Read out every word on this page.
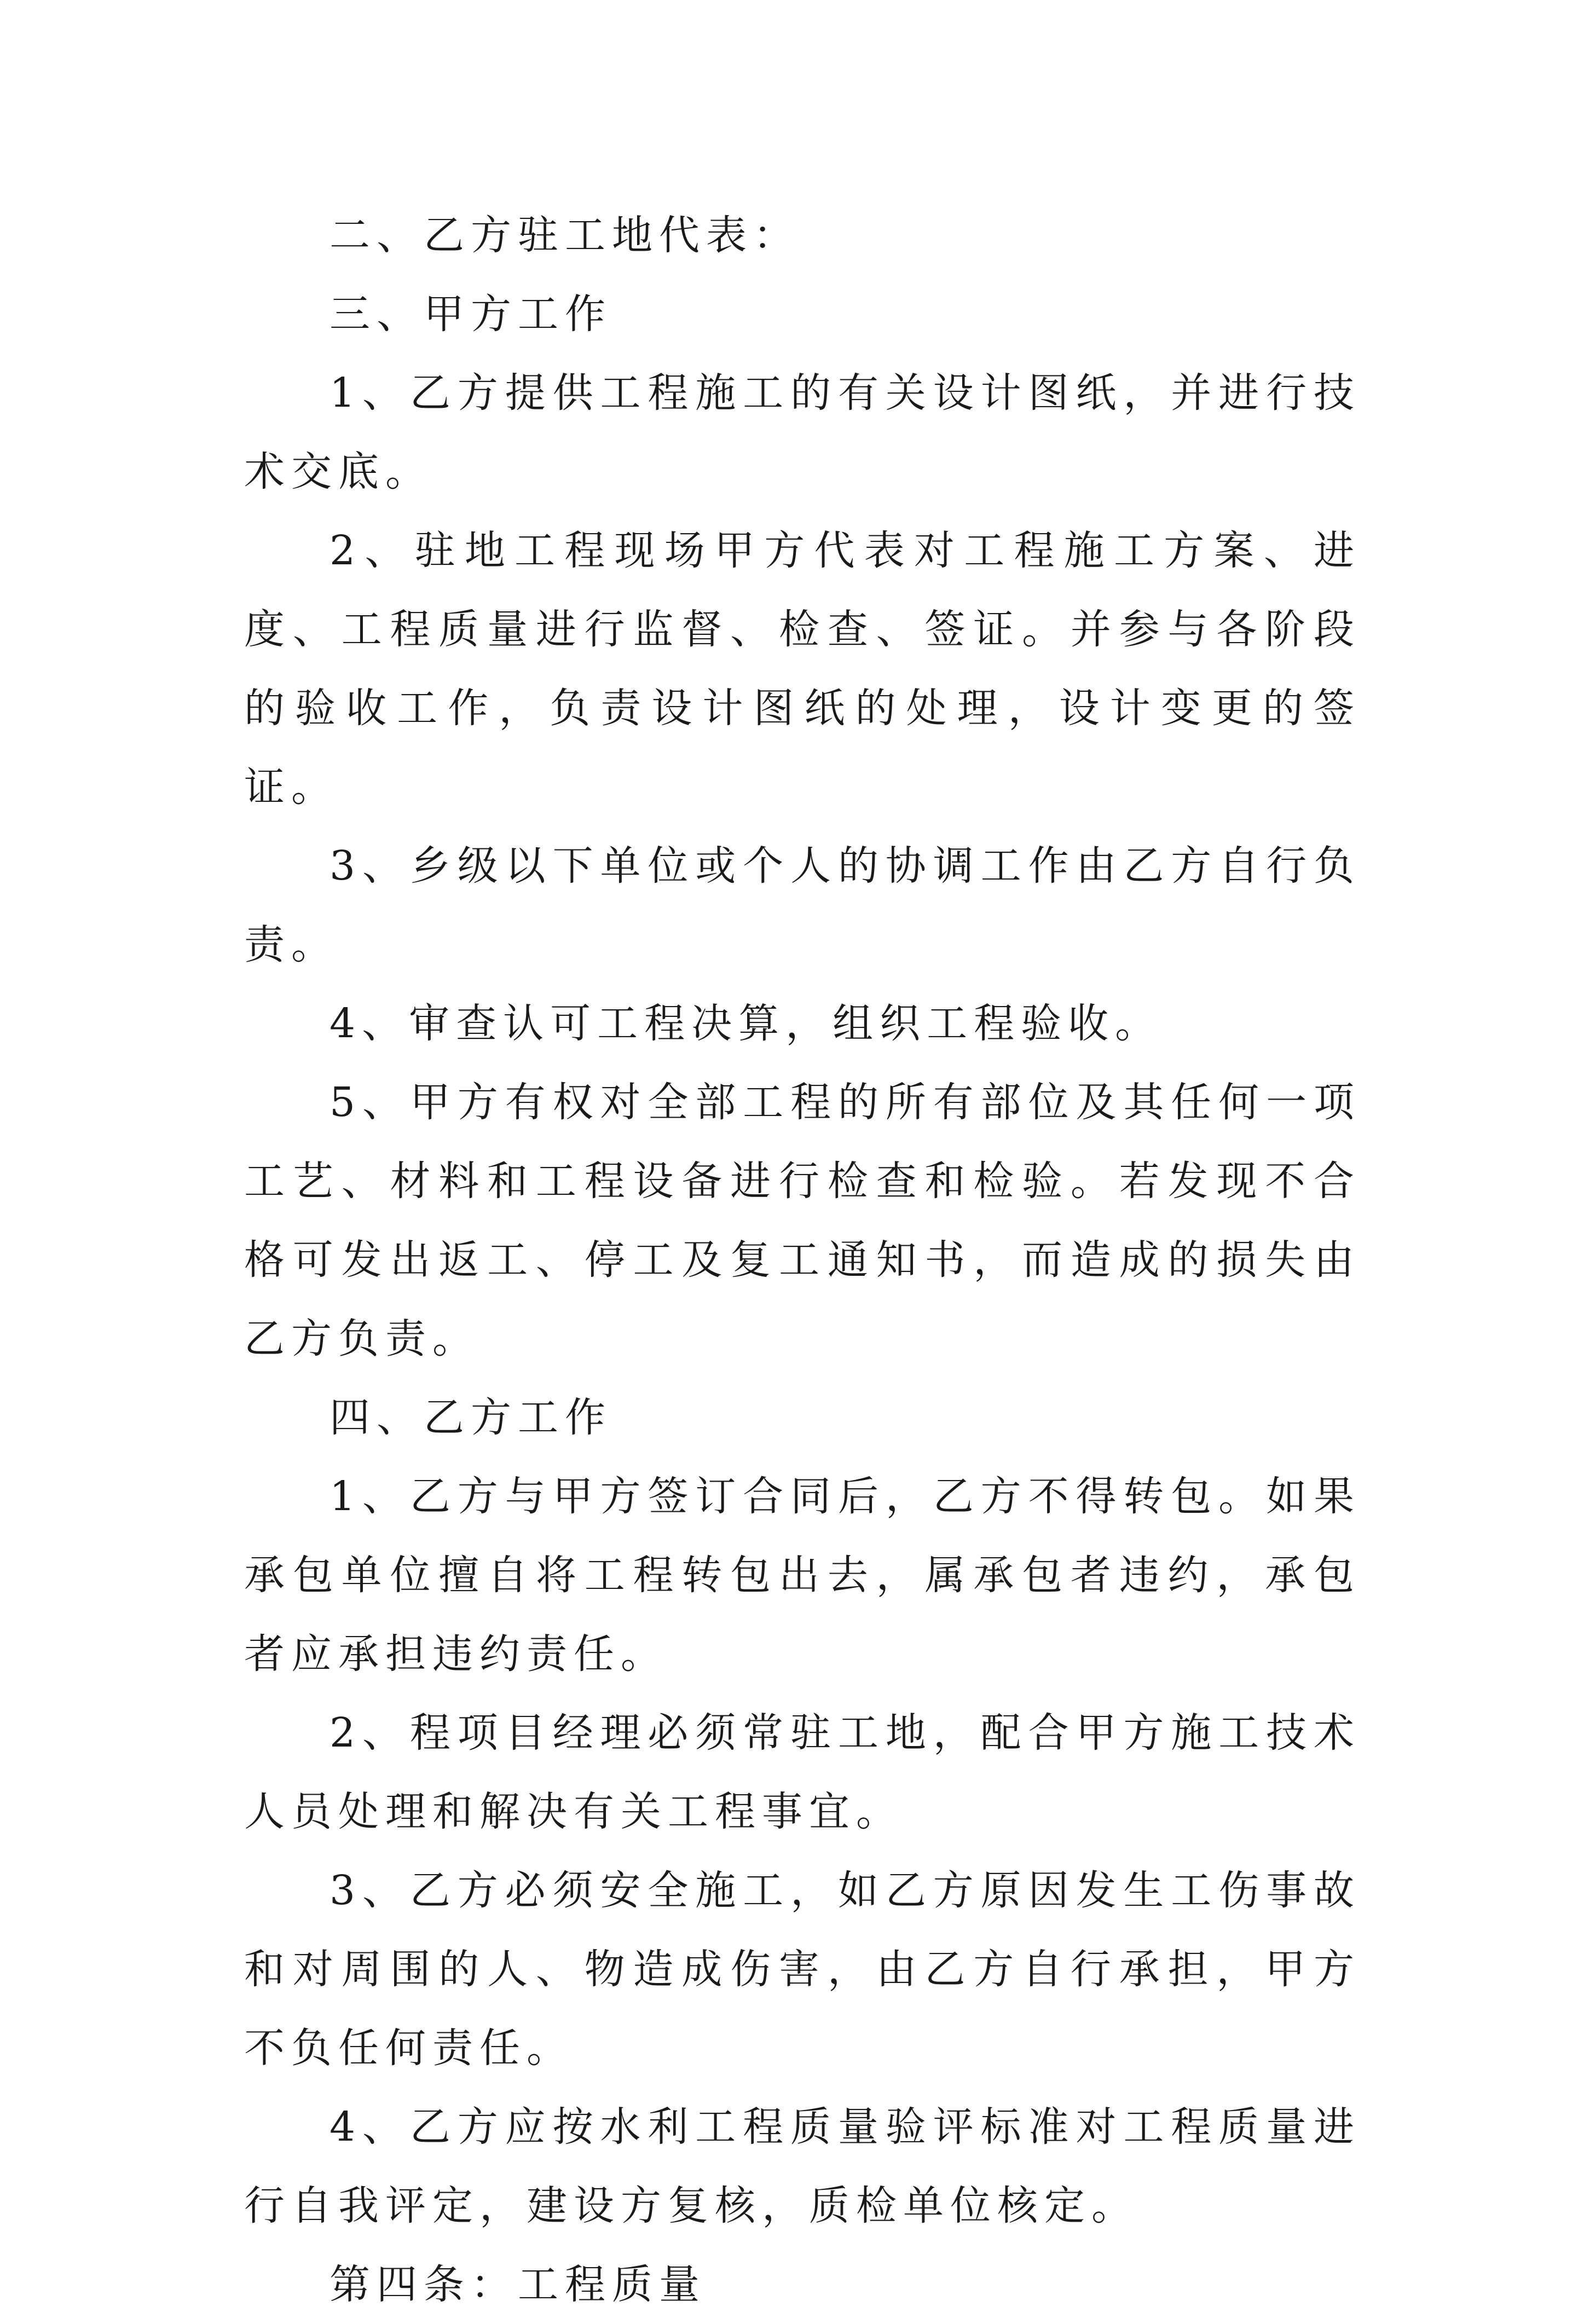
二、乙方驻工地代表：

三、甲方工作

1、乙方提供工程施工的有关设计图纸，并进行技术交底。

2、驻地工程现场甲方代表对工程施工方案、进度、工程质量进行监督、检查、签证。并参与各阶段的验收工作，负责设计图纸的处理，设计变更的签证。

3、乡级以下单位或个人的协调工作由乙方自行负责。

4、审查认可工程决算，组织工程验收。

5、甲方有权对全部工程的所有部位及其任何一项工艺、材料和工程设备进行检查和检验。若发现不合格可发出返工、停工及复工通知书，而造成的损失由乙方负责。

四、乙方工作

1、乙方与甲方签订合同后，乙方不得转包。如果承包单位擅自将工程转包出去，属承包者违约，承包者应承担违约责任。

2、程项目经理必须常驻工地，配合甲方施工技术人员处理和解决有关工程事宜。

3、乙方必须安全施工，如乙方原因发生工伤事故和对周围的人、物造成伤害，由乙方自行承担，甲方不负任何责任。

4、乙方应按水利工程质量验评标准对工程质量进行自我评定，建设方复核，质检单位核定。

第四条：工程质量
